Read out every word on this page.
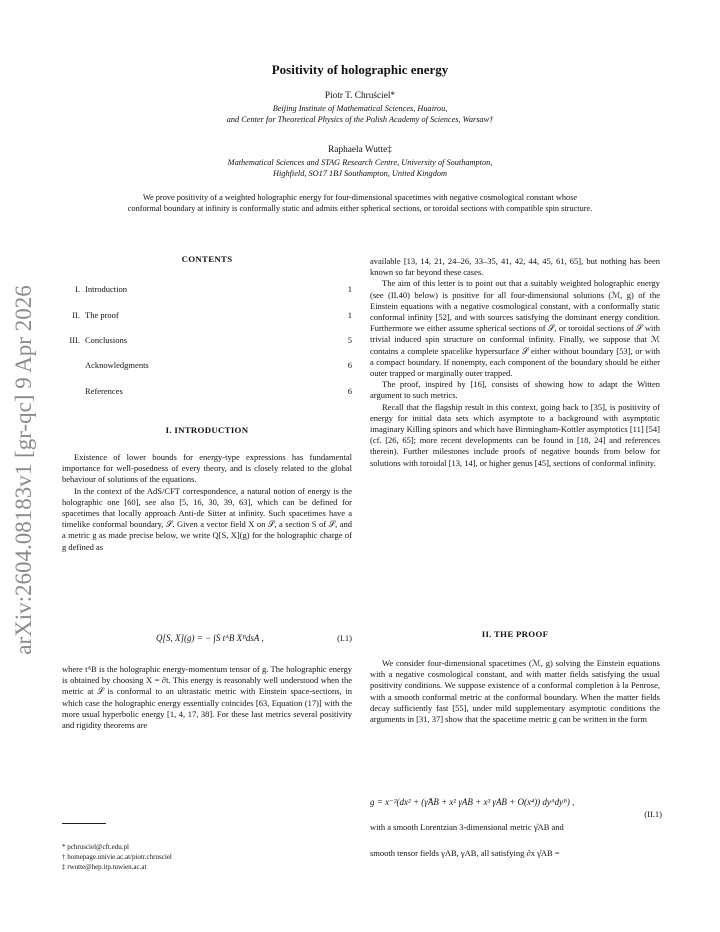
Positivity of holographic energy
Piotr T. Chruściel*
Beijing Institute of Mathematical Sciences, Huairou,
and Center for Theoretical Physics of the Polish Academy of Sciences, Warsaw†
Raphaela Wutte‡
Mathematical Sciences and STAG Research Centre, University of Southampton,
Highfield, SO17 1BJ Southampton, United Kingdom
We prove positivity of a weighted holographic energy for four-dimensional spacetimes with negative cosmological constant whose conformal boundary at infinity is conformally static and admits either spherical sections, or toroidal sections with compatible spin structure.
arXiv:2604.08183v1 [gr-qc] 9 Apr 2026
CONTENTS
I. Introduction	1
II. The proof	1
III. Conclusions	5
Acknowledgments	6
References	6
I. INTRODUCTION

Existence of lower bounds for energy-type expressions has fundamental importance for well-posedness of every theory, and is closely related to the global behaviour of solutions of the equations.

In the context of the AdS/CFT correspondence, a natural notion of energy is the holographic one [60], see also [5, 16, 30, 39, 63], which can be defined for spacetimes that locally approach Anti-de Sitter at infinity. Such spacetimes have a timelike conformal boundary, 𝒮. Given a vector field X on 𝒮, a section S of 𝒮, and a metric g as made precise below, we write Q[S, X](g) for the holographic charge of g defined as

Q[S, X](g) = − ∫S tᴬB XᴮdsA ,	(I.1)

where tᴬB is the holographic energy-momentum tensor of g. The holographic energy is obtained by choosing X = ∂t. This energy is reasonably well understood when the metric at 𝒮 is conformal to an ultrastatic metric with Einstein space-sections, in which case the holographic energy essentially coincides [63, Equation (17)] with the more usual hyperbolic energy [1, 4, 17, 38]. For these last metrics several positivity and rigidity theorems are

available [13, 14, 21, 24–26, 33–35, 41, 42, 44, 45, 61, 65], but nothing has been known so far beyond these cases.

The aim of this letter is to point out that a suitably weighted holographic energy (see (II.40) below) is positive for all four-dimensional solutions (ℳ, g) of the Einstein equations with a negative cosmological constant, with a conformally static conformal infinity [52], and with sources satisfying the dominant energy condition. Furthermore we either assume spherical sections of 𝒮, or toroidal sections of 𝒮 with trivial induced spin structure on conformal infinity. Finally, we suppose that ℳ contains a complete spacelike hypersurface 𝒮 either without boundary [53], or with a compact boundary. If nonempty, each component of the boundary should be either outer trapped or marginally outer trapped.

The proof, inspired by [16], consists of showing how to adapt the Witten argument to such metrics.

Recall that the flagship result in this context, going back to [35], is positivity of energy for initial data sets which asymptote to a background with asymptotic imaginary Killing spinors and which have Birmingham-Kottler asymptotics [11] [54] (cf. [26, 65]; more recent developments can be found in [18, 24] and references therein). Further milestones include proofs of negative bounds from below for solutions with toroidal [13, 14], or higher genus [45], sections of conformal infinity.

II. THE PROOF

We consider four-dimensional spacetimes (ℳ, g) solving the Einstein equations with a negative cosmological constant, and with matter fields satisfying the usual positivity conditions. We suppose existence of a conformal completion à la Penrose, with a smooth conformal metric at the conformal boundary. When the matter fields decay sufficiently fast [55], under mild supplementary asymptotic conditions the arguments in [31, 37] show that the spacetime metric g can be written in the form

g = x⁻²(dx² + (γ̊AB + x² γAB + x³ γAB + O(x⁴)) dyᴬdyᴮ) ,
(II.1)
with a smooth Lorentzian 3-dimensional metric γ̊AB and
smooth tensor fields γAB, γAB, all satisfying ∂x γ̊AB =
* pchrusciel@cft.edu.pl
† homepage.univie.ac.at/piotr.chrusciel
‡ rwutte@hep.itp.tuwien.ac.at
